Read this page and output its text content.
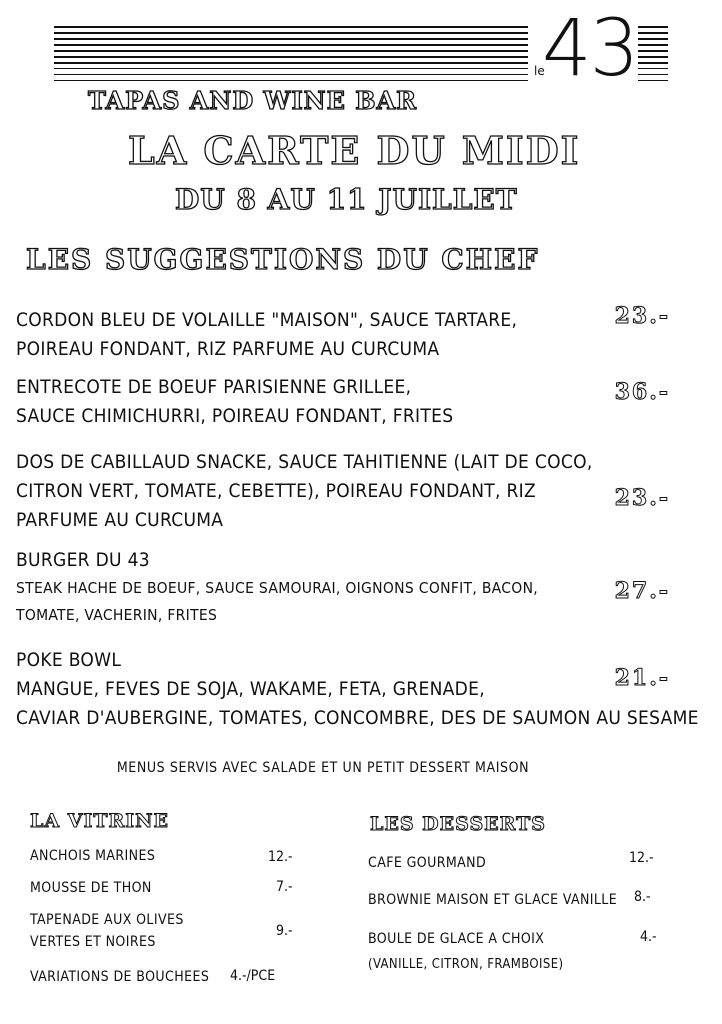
le
43
TAPAS AND WINE BAR
LA CARTE DU MIDI
DU 8 AU 11 JUILLET
LES SUGGESTIONS DU CHEF
CORDON BLEU DE VOLAILLE "MAISON", SAUCE TARTARE,
POIREAU FONDANT, RIZ PARFUME AU CURCUMA
23.-
ENTRECOTE DE BOEUF PARISIENNE GRILLEE,
SAUCE CHIMICHURRI, POIREAU FONDANT, FRITES
36.-
DOS DE CABILLAUD SNACKE, SAUCE TAHITIENNE (LAIT DE COCO,
CITRON VERT, TOMATE, CEBETTE), POIREAU FONDANT, RIZ
PARFUME AU CURCUMA
23.-
BURGER DU 43
STEAK HACHE DE BOEUF, SAUCE SAMOURAI, OIGNONS CONFIT, BACON,
TOMATE, VACHERIN, FRITES
27.-
POKE BOWL
MANGUE, FEVES DE SOJA, WAKAME, FETA, GRENADE,
CAVIAR D'AUBERGINE, TOMATES, CONCOMBRE, DES DE SAUMON AU SESAME
21.-
MENUS SERVIS AVEC SALADE ET UN PETIT DESSERT MAISON
LA VITRINE
ANCHOIS MARINES	12.-
MOUSSE DE THON	7.-
TAPENADE AUX OLIVES
VERTES ET NOIRES
9.-
VARIATIONS DE BOUCHEES 4.-/PCE
LES DESSERTS
CAFE GOURMAND	12.-
BROWNIE MAISON ET GLACE VANILLE 8.-
BOULE DE GLACE A CHOIX
(VANILLE, CITRON, FRAMBOISE)
4.-
